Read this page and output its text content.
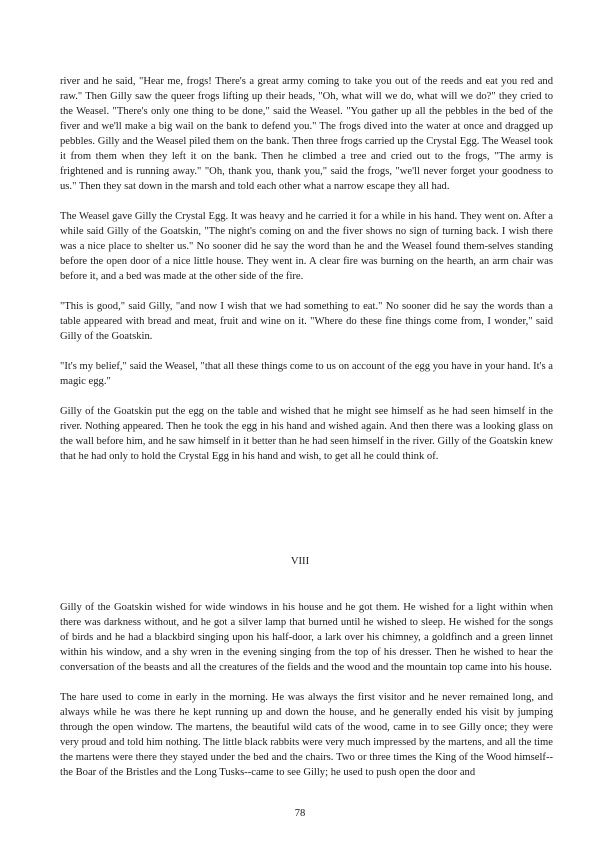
river and he said, "Hear me, frogs! There's a great army coming to take you out of the reeds and eat you red and raw." Then Gilly saw the queer frogs lifting up their heads, "Oh, what will we do, what will we do?" they cried to the Weasel. "There's only one thing to be done," said the Weasel. "You gather up all the pebbles in the bed of the fiver and we'll make a big wail on the bank to defend you." The frogs dived into the water at once and dragged up pebbles. Gilly and the Weasel piled them on the bank. Then three frogs carried up the Crystal Egg. The Weasel took it from them when they left it on the bank. Then he climbed a tree and cried out to the frogs, "The army is frightened and is running away." "Oh, thank you, thank you," said the frogs, "we'll never forget your goodness to us." Then they sat down in the marsh and told each other what a narrow escape they all had.

The Weasel gave Gilly the Crystal Egg. It was heavy and he carried it for a while in his hand. They went on. After a while said Gilly of the Goatskin, "The night's coming on and the fiver shows no sign of turning back. I wish there was a nice place to shelter us." No sooner did he say the word than he and the Weasel found them-selves standing before the open door of a nice little house. They went in. A clear fire was burning on the hearth, an arm chair was before it, and a bed was made at the other side of the fire.

"This is good," said Gilly, "and now I wish that we had something to eat." No sooner did he say the words than a table appeared with bread and meat, fruit and wine on it. "Where do these fine things come from, I wonder," said Gilly of the Goatskin.

"It's my belief," said the Weasel, "that all these things come to us on account of the egg you have in your hand. It's a magic egg."

Gilly of the Goatskin put the egg on the table and wished that he might see himself as he had seen himself in the river. Nothing appeared. Then he took the egg in his hand and wished again. And then there was a looking glass on the wall before him, and he saw himself in it better than he had seen himself in the river. Gilly of the Goatskin knew that he had only to hold the Crystal Egg in his hand and wish, to get all he could think of.

VIII

Gilly of the Goatskin wished for wide windows in his house and he got them. He wished for a light within when there was darkness without, and he got a silver lamp that burned until he wished to sleep. He wished for the songs of birds and he had a blackbird singing upon his half-door, a lark over his chimney, a goldfinch and a green linnet within his window, and a shy wren in the evening singing from the top of his dresser. Then he wished to hear the conversation of the beasts and all the creatures of the fields and the wood and the mountain top came into his house.

The hare used to come in early in the morning. He was always the first visitor and he never remained long, and always while he was there he kept running up and down the house, and he generally ended his visit by jumping through the open window. The martens, the beautiful wild cats of the wood, came in to see Gilly once; they were very proud and told him nothing. The little black rabbits were very much impressed by the martens, and all the time the martens were there they stayed under the bed and the chairs. Two or three times the King of the Wood himself--the Boar of the Bristles and the Long Tusks--came to see Gilly; he used to push open the door and

78
